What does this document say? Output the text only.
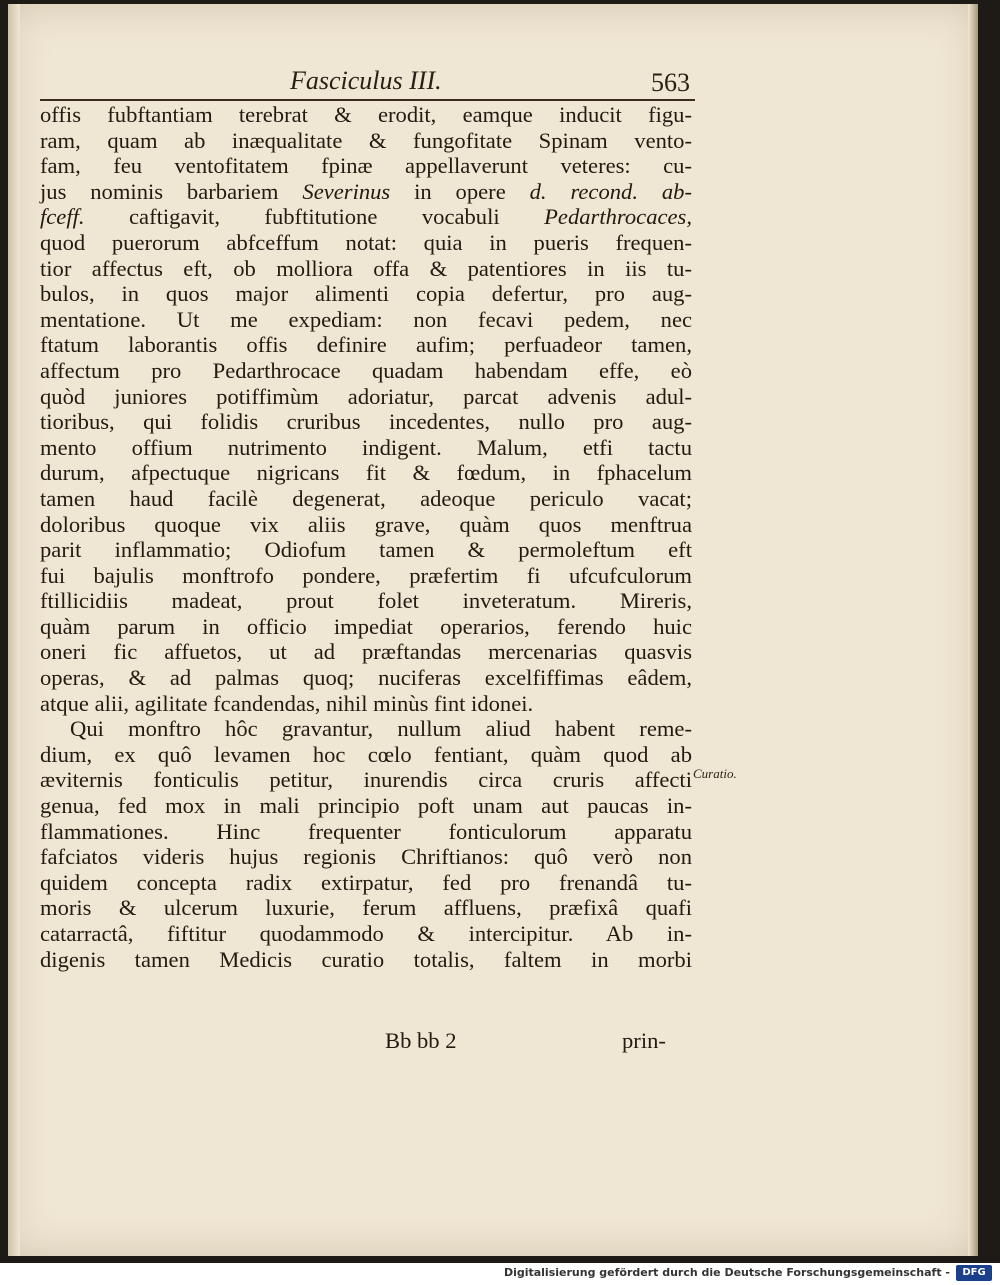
Fasciculus III.	563
offis fubftantiam terebrat & erodit, eamque inducit figu-
ram, quam ab inæqualitate & fungofitate Spinam vento-
fam, feu ventofitatem fpinæ appellaverunt veteres: cu-
jus nominis barbariem Severinus in opere d. recond. ab-
fceff. caftigavit, fubftitutione vocabuli Pedarthrocaces,
quod puerorum abfceffum notat: quia in pueris frequen-
tior affectus eft, ob molliora offa & patentiores in iis tu-
bulos, in quos major alimenti copia defertur, pro aug-
mentatione. Ut me expediam: non fecavi pedem, nec
ftatum laborantis offis definire aufim; perfuadeor tamen,
affectum pro Pedarthrocace quadam habendam effe, eò
quòd juniores potiffimùm adoriatur, parcat advenis adul-
tioribus, qui folidis cruribus incedentes, nullo pro aug-
mento offium nutrimento indigent. Malum, etfi tactu
durum, afpectuque nigricans fit & fœdum, in fphacelum
tamen haud facilè degenerat, adeoque periculo vacat;
doloribus quoque vix aliis grave, quàm quos menftrua
parit inflammatio; Odiofum tamen & permoleftum eft
fui bajulis monftrofo pondere, præfertim fi ufcufculorum
ftillicidiis madeat, prout folet inveteratum. Mireris,
quàm parum in officio impediat operarios, ferendo huic
oneri fic affuetos, ut ad præftandas mercenarias quasvis
operas, & ad palmas quoq; nuciferas excelfiffimas eâdem,
atque alii, agilitate fcandendas, nihil minùs fint idonei.
Qui monftro hôc gravantur, nullum aliud habent reme-
dium, ex quô levamen hoc cœlo fentiant, quàm quod ab
æviternis fonticulis petitur, inurendis circa cruris affecti
genua, fed mox in mali principio poft unam aut paucas in-
flammationes. Hinc frequenter fonticulorum apparatu
fafciatos videris hujus regionis Chriftianos: quô verò non
quidem concepta radix extirpatur, fed pro frenandâ tu-
moris & ulcerum luxurie, ferum affluens, præfixâ quafi
catarractâ, fiftitur quodammodo & intercipitur. Ab in-
digenis tamen Medicis curatio totalis, faltem in morbi
Curatio.
Bb bb 2	prin-
Digitalisierung gefördert durch die Deutsche Forschungsgemeinschaft -	DFG
